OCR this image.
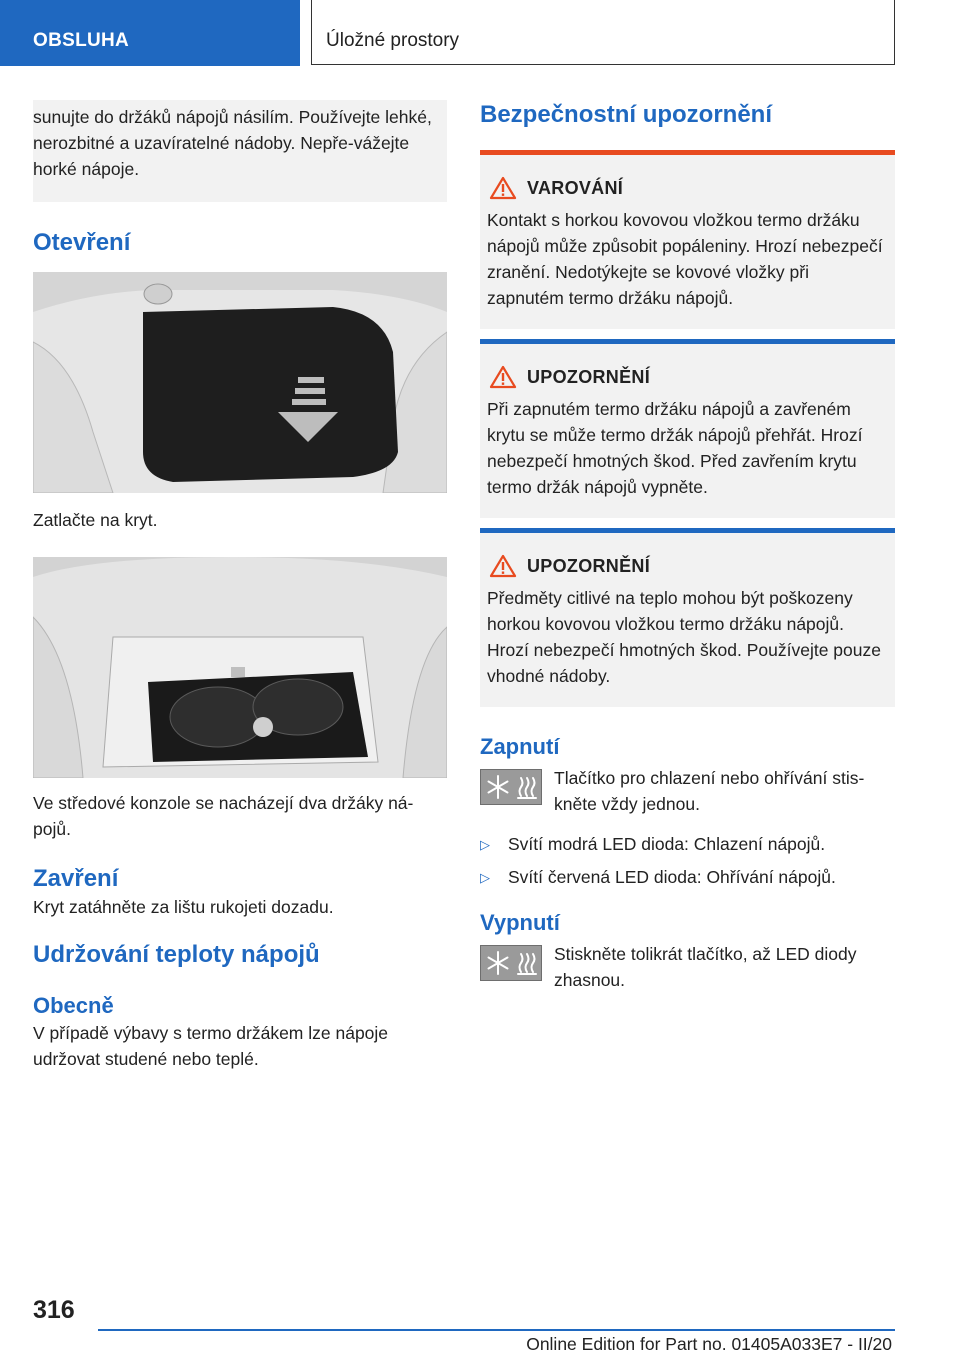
OBSLUHA	Úložné prostory

sunujte do držáků nápojů násilím. Používejte lehké, nerozbitné a uzavíratelné nádoby. Nepře-vážejte horké nápoje.

Otevření

Zatlačte na kryt.

Ve středové konzole se nacházejí dva držáky ná-pojů.

Zavření

Kryt zatáhněte za lištu rukojeti dozadu.

Udržování teploty nápojů
Obecně

V případě výbavy s termo držákem lze nápoje udržovat studené nebo teplé.

Bezpečnostní upozornění
VAROVÁNÍ
Kontakt s horkou kovovou vložkou termo držáku nápojů může způsobit popáleniny. Hrozí nebezpečí zranění. Nedotýkejte se kovové vložky při zapnutém termo držáku nápojů.
UPOZORNĚNÍ
Při zapnutém termo držáku nápojů a zavřeném krytu se může termo držák nápojů přehřát. Hrozí nebezpečí hmotných škod. Před zavřením krytu termo držák nápojů vypněte.
UPOZORNĚNÍ
Předměty citlivé na teplo mohou být poškozeny horkou kovovou vložkou termo držáku nápojů. Hrozí nebezpečí hmotných škod. Používejte pouze vhodné nádoby.
Zapnutí
Tlačítko pro chlazení nebo ohřívání stis-kněte vždy jednou.
▷	Svítí modrá LED dioda: Chlazení nápojů.
▷	Svítí červená LED dioda: Ohřívání nápojů.
Vypnutí
Stiskněte tolikrát tlačítko, až LED diody zhasnou.
316
Online Edition for Part no. 01405A033E7 - II/20
